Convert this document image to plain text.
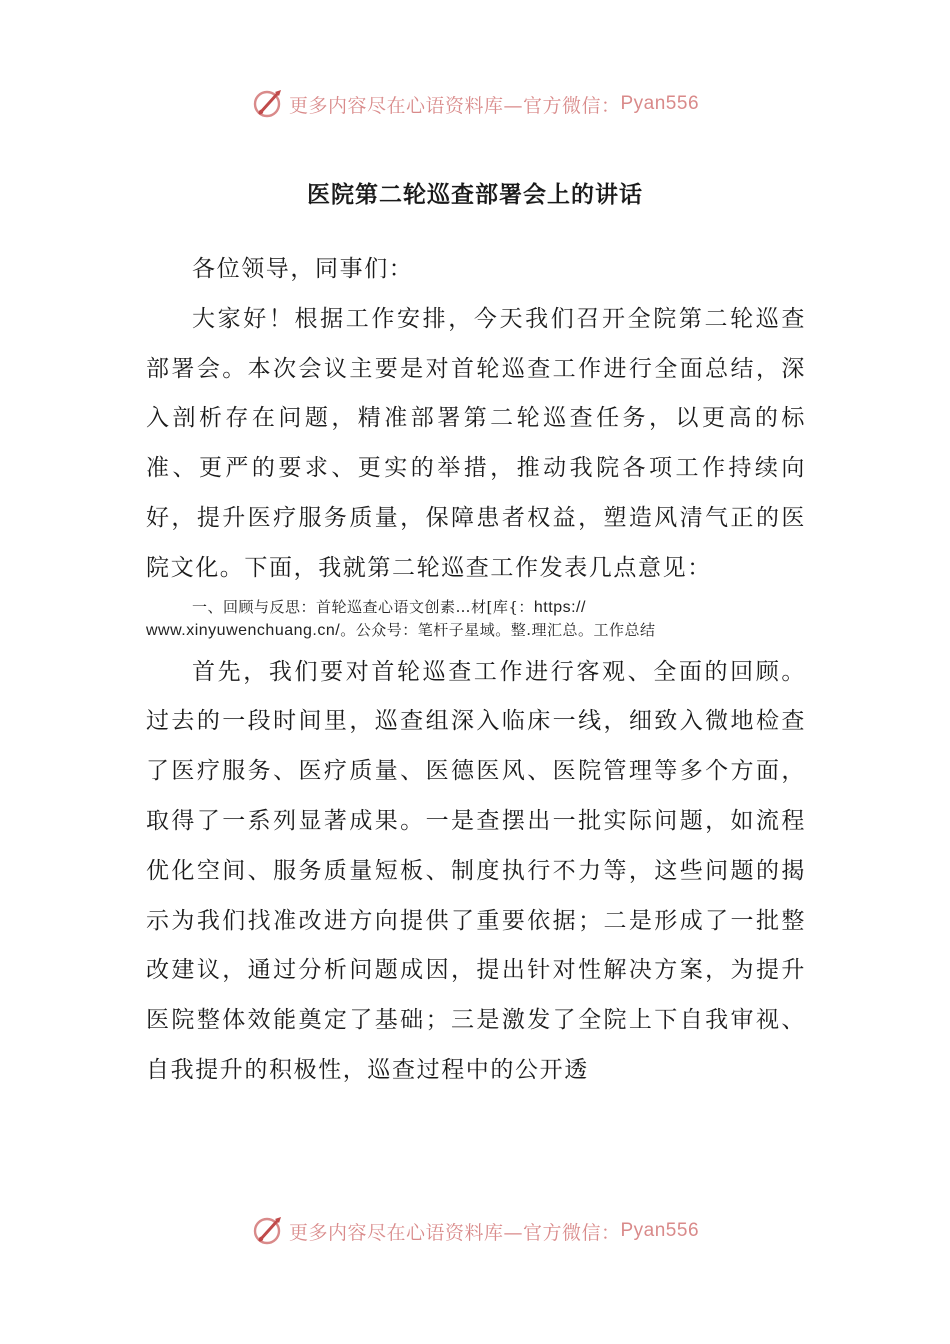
更多内容尽在心语资料库—官方微信： Pyan556
医院第二轮巡查部署会上的讲话

各位领导，同事们：

大家好！根据工作安排，今天我们召开全院第二轮巡查部署会。本次会议主要是对首轮巡查工作进行全面总结，深入剖析存在问题，精准部署第二轮巡查任务，以更高的标准、更严的要求、更实的举措，推动我院各项工作持续向好，提升医疗服务质量，保障患者权益，塑造风清气正的医院文化。下面，我就第二轮巡查工作发表几点意见：

一、回顾与反思：首轮巡查心语文创素…材[库{：https://
www.xinyuwenchuang.cn/。公众号：笔杆子星域。整.理汇总。工作总结

首先，我们要对首轮巡查工作进行客观、全面的回顾。过去的一段时间里，巡查组深入临床一线，细致入微地检查了医疗服务、医疗质量、医德医风、医院管理等多个方面，取得了一系列显著成果。一是查摆出一批实际问题，如流程优化空间、服务质量短板、制度执行不力等，这些问题的揭示为我们找准改进方向提供了重要依据；二是形成了一批整改建议，通过分析问题成因，提出针对性解决方案，为提升医院整体效能奠定了基础；三是激发了全院上下自我审视、自我提升的积极性，巡查过程中的公开透

更多内容尽在心语资料库—官方微信： Pyan556
